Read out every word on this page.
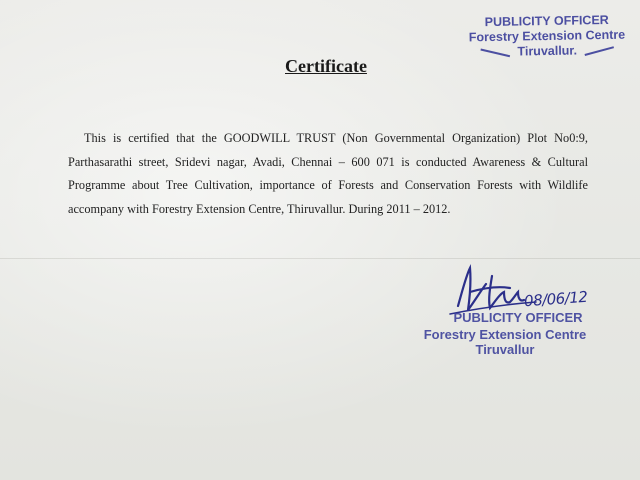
PUBLICITY OFFICER
Forestry Extension Centre
Tiruvallur.
Certificate
This is certified that the GOODWILL TRUST (Non Governmental Organization) Plot No0:9, Parthasarathi street, Sridevi nagar, Avadi, Chennai – 600 071 is conducted Awareness & Cultural Programme about Tree Cultivation, importance of Forests and Conservation Forests with Wildlife accompany with Forestry Extension Centre, Thiruvallur. During 2011 – 2012.
08/06/12
PUBLICITY OFFICER
Forestry Extension Centre
Tiruvallur
